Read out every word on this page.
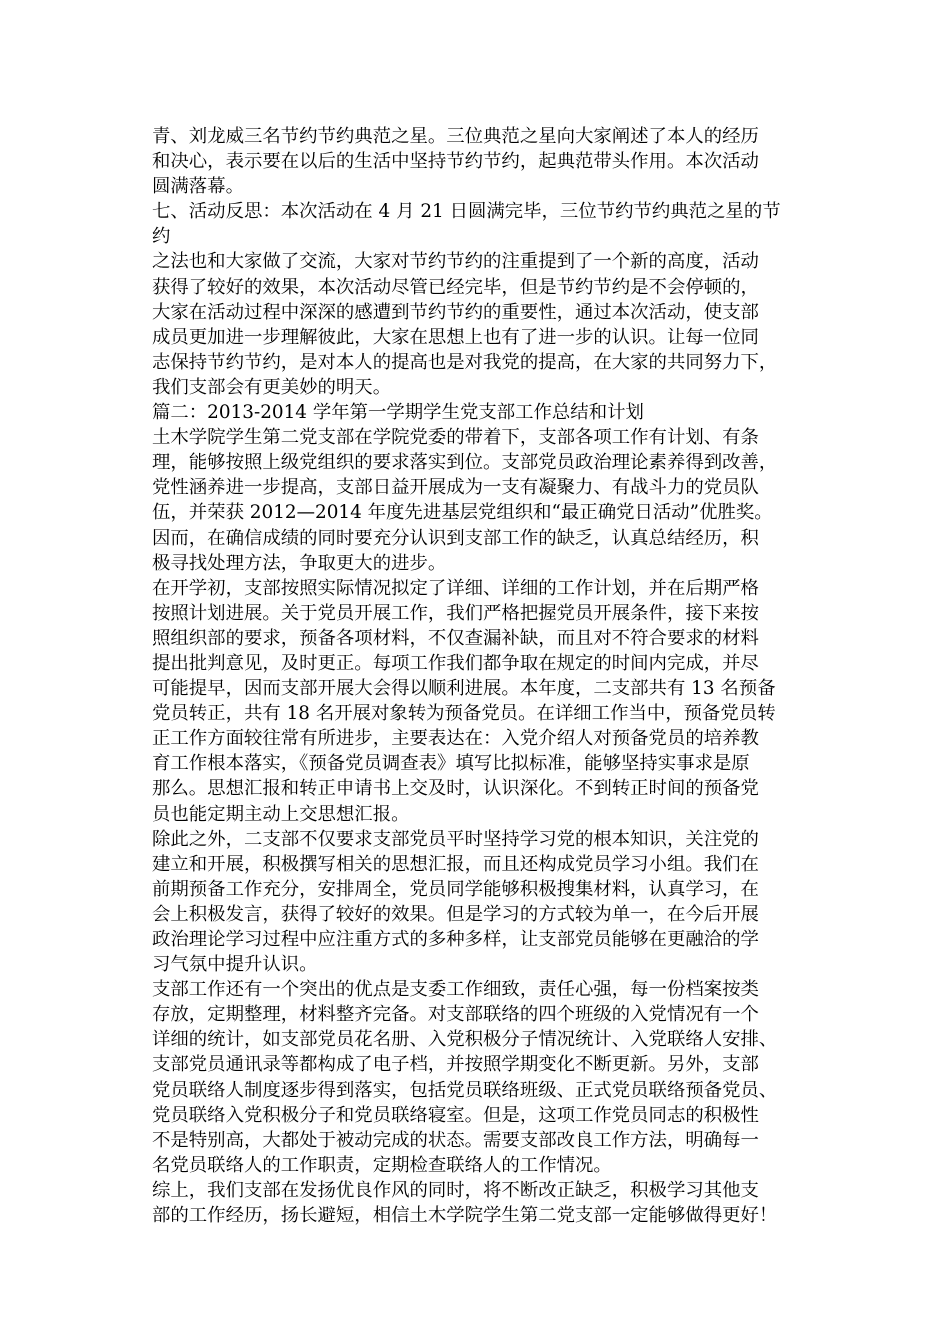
青、刘龙威三名节约节约典范之星。三位典范之星向大家阐述了本人的经历
和决心，表示要在以后的生活中坚持节约节约，起典范带头作用。本次活动
圆满落幕。
七、活动反思：本次活动在 4 月 21 日圆满完毕，三位节约节约典范之星的节
约
之法也和大家做了交流，大家对节约节约的注重提到了一个新的高度，活动
获得了较好的效果，本次活动尽管已经完毕，但是节约节约是不会停顿的，
大家在活动过程中深深的感遭到节约节约的重要性，通过本次活动，使支部
成员更加进一步理解彼此，大家在思想上也有了进一步的认识。让每一位同
志保持节约节约，是对本人的提高也是对我党的提高，在大家的共同努力下，
我们支部会有更美妙的明天。
篇二：2013-2014 学年第一学期学生党支部工作总结和计划
土木学院学生第二党支部在学院党委的带着下，支部各项工作有计划、有条
理，能够按照上级党组织的要求落实到位。支部党员政治理论素养得到改善，
党性涵养进一步提高，支部日益开展成为一支有凝聚力、有战斗力的党员队
伍，并荣获 2012—2014 年度先进基层党组织和“最正确党日活动”优胜奖。
因而，在确信成绩的同时要充分认识到支部工作的缺乏，认真总结经历，积
极寻找处理方法，争取更大的进步。
在开学初，支部按照实际情况拟定了详细、详细的工作计划，并在后期严格
按照计划进展。关于党员开展工作，我们严格把握党员开展条件，接下来按
照组织部的要求，预备各项材料，不仅查漏补缺，而且对不符合要求的材料
提出批判意见，及时更正。每项工作我们都争取在规定的时间内完成，并尽
可能提早，因而支部开展大会得以顺利进展。本年度，二支部共有 13 名预备
党员转正，共有 18 名开展对象转为预备党员。在详细工作当中，预备党员转
正工作方面较往常有所进步，主要表达在：入党介绍人对预备党员的培养教
育工作根本落实，《预备党员调查表》填写比拟标准，能够坚持实事求是原
那么。思想汇报和转正申请书上交及时，认识深化。不到转正时间的预备党
员也能定期主动上交思想汇报。
除此之外，二支部不仅要求支部党员平时坚持学习党的根本知识，关注党的
建立和开展，积极撰写相关的思想汇报，而且还构成党员学习小组。我们在
前期预备工作充分，安排周全，党员同学能够积极搜集材料，认真学习，在
会上积极发言，获得了较好的效果。但是学习的方式较为单一，在今后开展
政治理论学习过程中应注重方式的多种多样，让支部党员能够在更融洽的学
习气氛中提升认识。
支部工作还有一个突出的优点是支委工作细致，责任心强，每一份档案按类
存放，定期整理，材料整齐完备。对支部联络的四个班级的入党情况有一个
详细的统计，如支部党员花名册、入党积极分子情况统计、入党联络人安排、
支部党员通讯录等都构成了电子档，并按照学期变化不断更新。另外，支部
党员联络人制度逐步得到落实，包括党员联络班级、正式党员联络预备党员、
党员联络入党积极分子和党员联络寝室。但是，这项工作党员同志的积极性
不是特别高，大都处于被动完成的状态。需要支部改良工作方法，明确每一
名党员联络人的工作职责，定期检查联络人的工作情况。
综上，我们支部在发扬优良作风的同时，将不断改正缺乏，积极学习其他支
部的工作经历，扬长避短，相信土木学院学生第二党支部一定能够做得更好！
